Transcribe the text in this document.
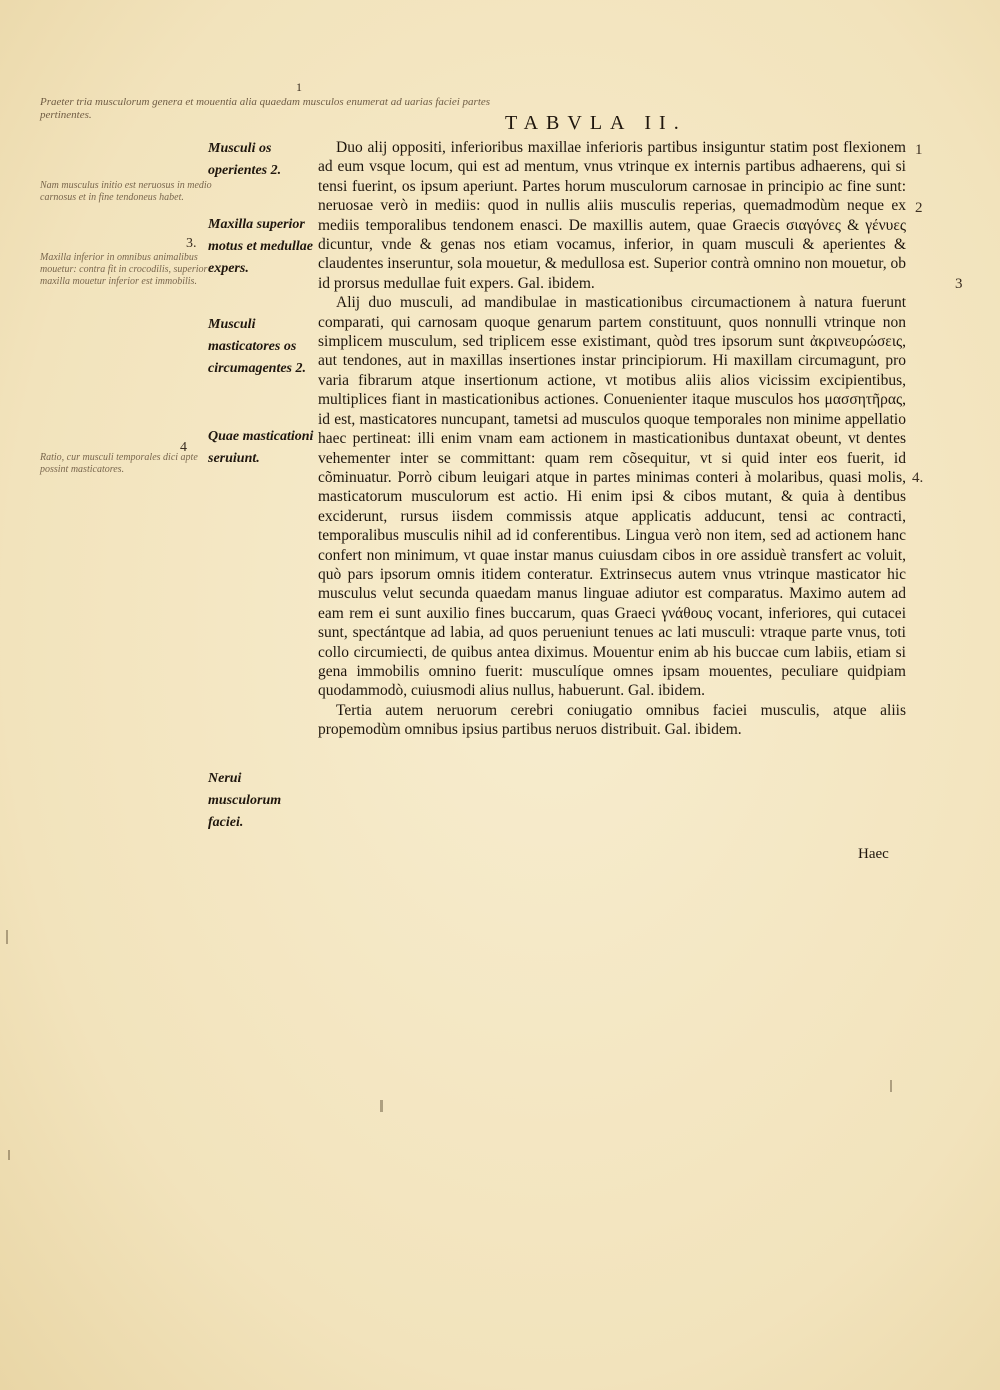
1
Praeter tria musculorum genera et mouentia alia quaedam musculos enumerat ad uarias faciei partes pertinentes.	TABVLA II.
Musculi os operientes 2.
Maxilla superior motus et medullae expers.
3.
Musculi masticatores os circumagentes 2.
Quae masticationi seruiunt.
4
Nerui musculorum faciei.
Nam musculus initio est neruosus in medio carnosus et in fine tendoneus habet.
Maxilla inferior in omnibus animalibus mouetur: contra fit in crocodilis, superior maxilla mouetur inferior est immobilis.
Ratio, cur musculi temporales dici apte possint masticatores.

Duo alij oppositi, inferioribus maxillae inferioris partibus insiguntur statim post flexionem ad eum vsque locum, qui est ad mentum, vnus vtrinque ex internis partibus adhaerens, qui si tensi fuerint, os ipsum aperiunt. Partes horum musculorum carnosae in principio ac fine sunt: neruosae verò in mediis: quod in nullis aliis musculis reperias, quemadmodùm neque ex mediis temporalibus tendonem enasci. De maxillis autem, quae Graecis σιαγόνες & γένυες dicuntur, vnde & genas nos etiam vocamus, inferior, in quam musculi & aperientes & claudentes inseruntur, sola mouetur, & medullosa est. Superior contrà omnino non mouetur, ob id prorsus medullae fuit expers. Gal. ibidem.

Alij duo musculi, ad mandibulae in masticationibus circumactionem à natura fuerunt comparati, qui carnosam quoque genarum partem constituunt, quos nonnulli vtrinque non simplicem musculum, sed triplicem esse existimant, quòd tres ipsorum sunt ἀκρινευρώσεις, aut tendones, aut in maxillas insertiones instar principiorum. Hi maxillam circumagunt, pro varia fibrarum atque insertionum actione, vt motibus aliis alios vicissim excipientibus, multiplices fiant in masticationibus actiones. Conuenienter itaque musculos hos μασσητῆρας, id est, masticatores nuncupant, tametsi ad musculos quoque temporales non minime appellatio haec pertineat: illi enim vnam eam actionem in masticationibus duntaxat obeunt, vt dentes vehementer inter se committant: quam rem cõsequitur, vt si quid inter eos fuerit, id cõminuatur. Porrò cibum leuigari atque in partes minimas conteri à molaribus, quasi molis, masticatorum musculorum est actio. Hi enim ipsi & cibos mutant, & quia à dentibus exciderunt, rursus iisdem commissis atque applicatis adducunt, tensi ac contracti, temporalibus musculis nihil ad id conferentibus. Lingua verò non item, sed ad actionem hanc confert non minimum, vt quae instar manus cuiusdam cibos in ore assiduè transfert ac voluit, quò pars ipsorum omnis itidem conteratur. Extrinsecus autem vnus vtrinque masticator hic musculus velut secunda quaedam manus linguae adiutor est comparatus. Maximo autem ad eam rem ei sunt auxilio fines buccarum, quas Graeci γνάθους vocant, inferiores, qui cutacei sunt, spectántque ad labia, ad quos perueniunt tenues ac lati musculi: vtraque parte vnus, toti collo circumiecti, de quibus antea diximus. Mouentur enim ab his buccae cum labiis, etiam si gena immobilis omnino fuerit: musculíque omnes ipsam mouentes, peculiare quidpiam quodammodò, cuiusmodi alius nullus, habuerunt. Gal. ibidem.

Tertia autem neruorum cerebri coniugatio omnibus faciei musculis, atque aliis propemodùm omnibus ipsius partibus neruos distribuit. Gal. ibidem.

1
2
3
4.
Haec
